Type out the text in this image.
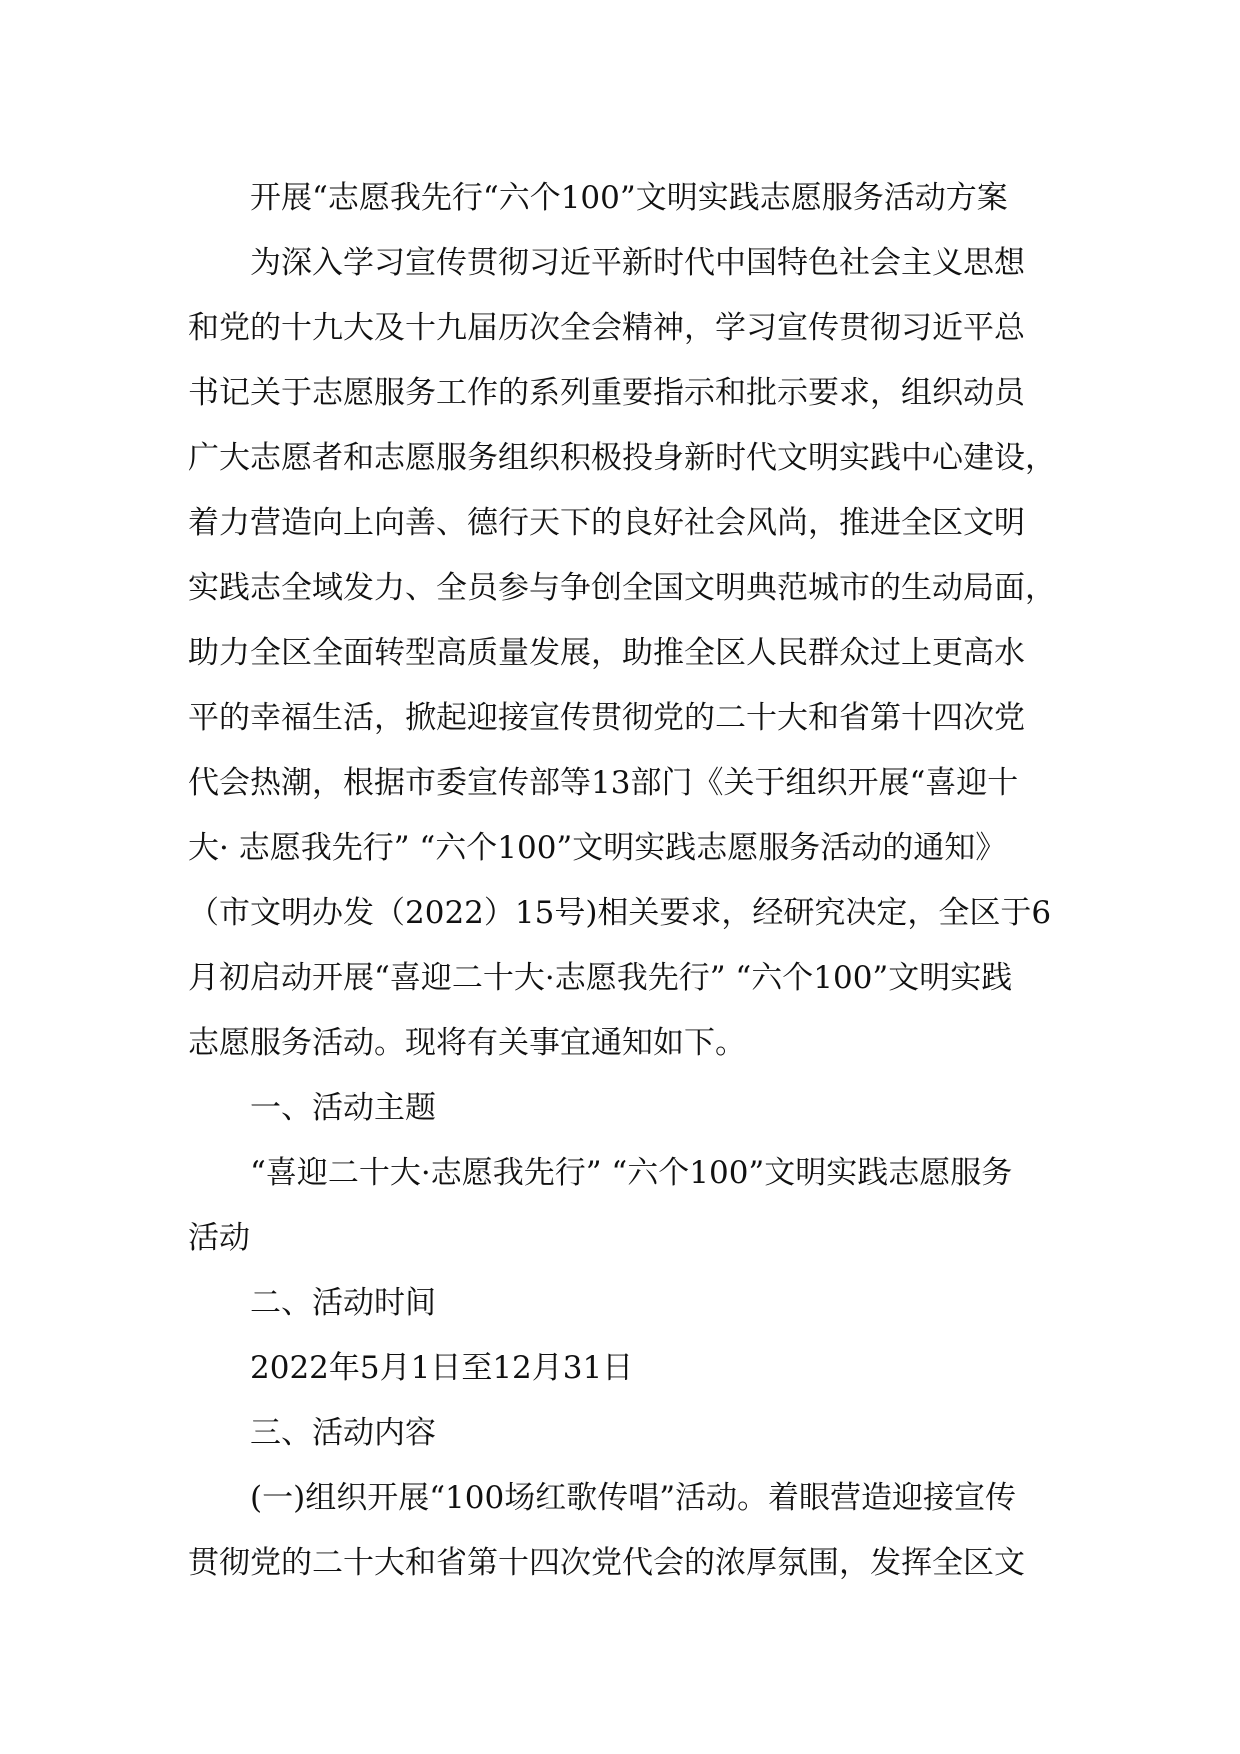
开展“志愿我先行“六个100”文明实践志愿服务活动方案
为深入学习宣传贯彻习近平新时代中国特色社会主义思想
和党的十九大及十九届历次全会精神，学习宣传贯彻习近平总
书记关于志愿服务工作的系列重要指示和批示要求，组织动员
广大志愿者和志愿服务组织积极投身新时代文明实践中心建设，
着力营造向上向善、德行天下的良好社会风尚，推进全区文明
实践志全域发力、全员参与争创全国文明典范城市的生动局面，
助力全区全面转型高质量发展，助推全区人民群众过上更高水
平的幸福生活，掀起迎接宣传贯彻党的二十大和省第十四次党
代会热潮，根据市委宣传部等13部门《关于组织开展“喜迎十
大· 志愿我先行” “六个100”文明实践志愿服务活动的通知》
（市文明办发（2022）15号)相关要求，经研究决定，全区于6
月初启动开展“喜迎二十大·志愿我先行” “六个100”文明实践
志愿服务活动。现将有关事宜通知如下。
一、活动主题
“喜迎二十大·志愿我先行” “六个100”文明实践志愿服务
活动
二、活动时间
2022年5月1日至12月31日
三、活动内容
(一)组织开展“100场红歌传唱”活动。着眼营造迎接宣传
贯彻党的二十大和省第十四次党代会的浓厚氛围，发挥全区文
